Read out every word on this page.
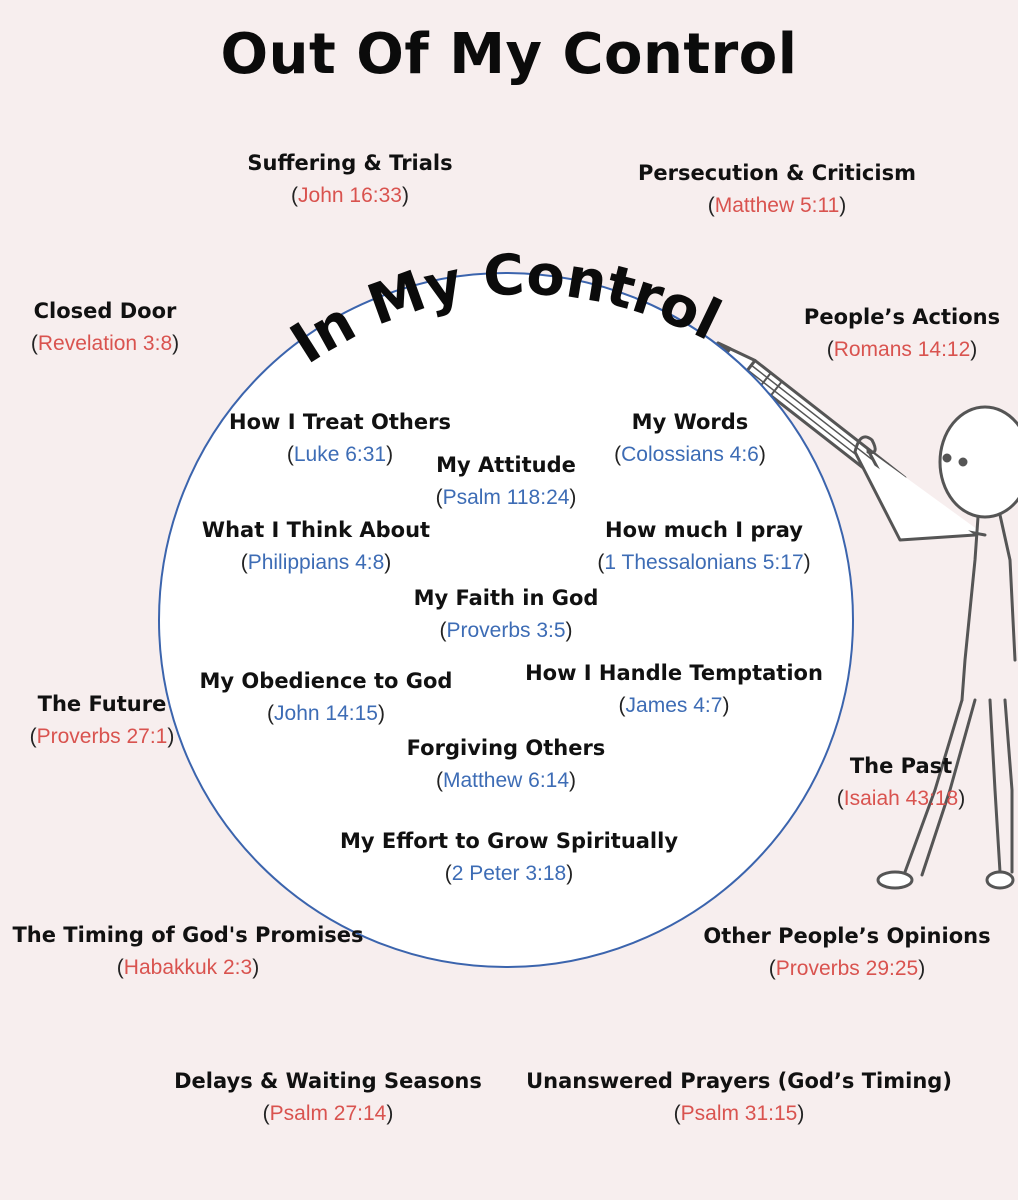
Out Of My Control
In My Control
Suffering & Trials
(John 16:33)
Persecution & Criticism
(Matthew 5:11)
Closed Door
(Revelation 3:8)
People’s Actions
(Romans 14:12)
The Future
(Proverbs 27:1)
The Past
(Isaiah 43:18)
The Timing of God's Promises
(Habakkuk 2:3)
Other People’s Opinions
(Proverbs 29:25)
Delays & Waiting Seasons
(Psalm 27:14)
Unanswered Prayers (God’s Timing)
(Psalm 31:15)
How I Treat Others
(Luke 6:31)
My Words
(Colossians 4:6)
My Attitude
(Psalm 118:24)
What I Think About
(Philippians 4:8)
How much I pray
(1 Thessalonians 5:17)
My Faith in God
(Proverbs 3:5)
My Obedience to God
(John 14:15)
How I Handle Temptation
(James 4:7)
Forgiving Others
(Matthew 6:14)
My Effort to Grow Spiritually
(2 Peter 3:18)
